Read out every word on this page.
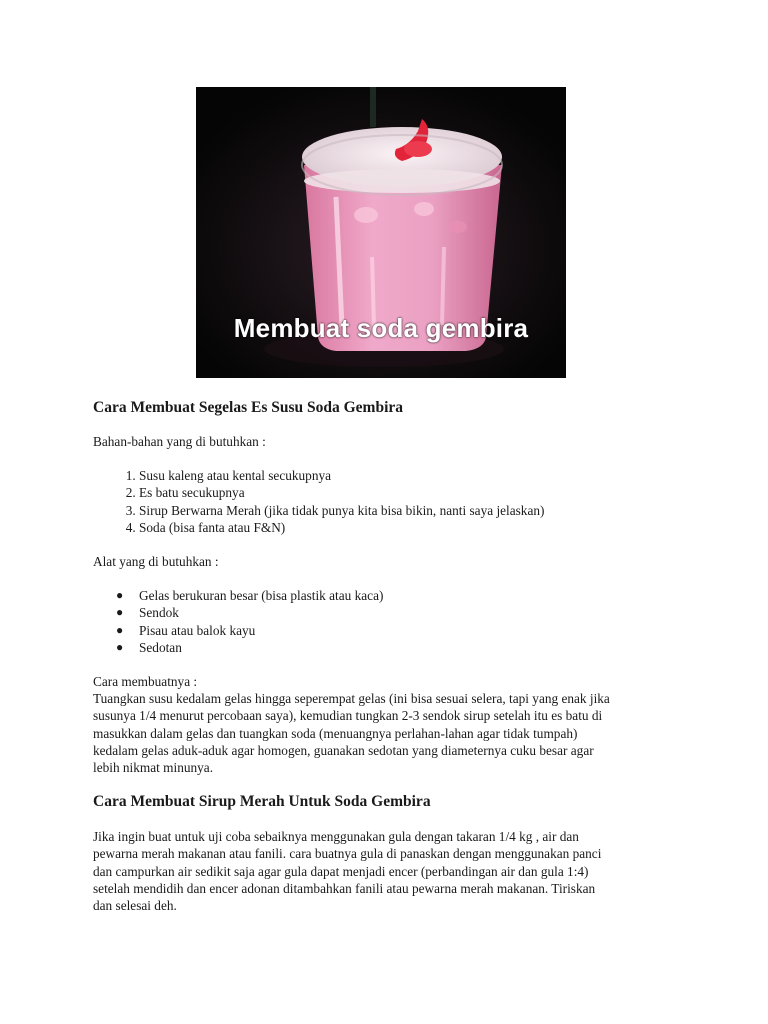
Membuat soda gembira
Cara Membuat Segelas Es Susu Soda Gembira

Bahan-bahan yang di butuhkan :

1. Susu kaleng atau kental secukupnya
2. Es batu secukupnya
3. Sirup Berwarna Merah (jika tidak punya kita bisa bikin, nanti saya jelaskan)
4. Soda (bisa fanta atau F&N)

Alat yang di butuhkan :

● Gelas berukuran besar (bisa plastik atau kaca)
● Sendok
● Pisau atau balok kayu
● Sedotan

Cara membuatnya :

Tuangkan susu kedalam gelas hingga seperempat gelas (ini bisa sesuai selera, tapi yang enak jika

susunya 1/4 menurut percobaan saya), kemudian tungkan 2-3 sendok sirup setelah itu es batu di

masukkan dalam gelas dan tuangkan soda (menuangnya perlahan-lahan agar tidak tumpah)

kedalam gelas aduk-aduk agar homogen, guanakan sedotan yang diameternya cuku besar agar

lebih nikmat minunya.

Cara Membuat Sirup Merah Untuk Soda Gembira

Jika ingin buat untuk uji coba sebaiknya menggunakan gula dengan takaran 1/4 kg , air dan

pewarna merah makanan atau fanili. cara buatnya gula di panaskan dengan menggunakan panci

dan campurkan air sedikit saja agar gula dapat menjadi encer (perbandingan air dan gula 1:4)

setelah mendidih dan encer adonan ditambahkan fanili atau pewarna merah makanan. Tiriskan

dan selesai deh.
